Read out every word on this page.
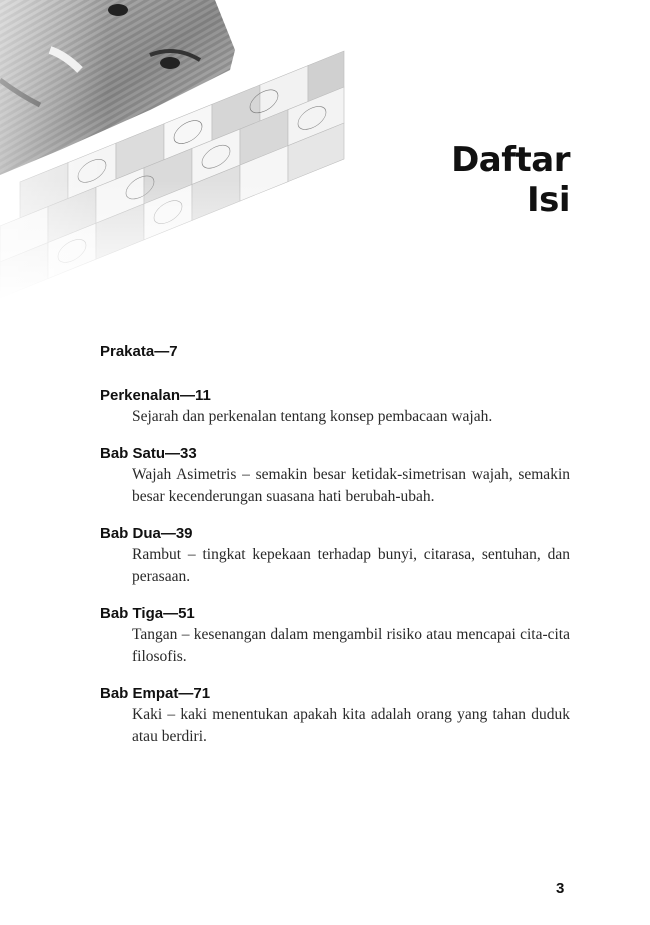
Daftar Isi
Prakata—7
Perkenalan—11
Sejarah dan perkenalan tentang konsep pembacaan wajah.
Bab Satu—33
Wajah Asimetris – semakin besar ketidak-simetrisan wajah, semakin besar kecenderungan suasana hati berubah-ubah.
Bab Dua—39
Rambut – tingkat kepekaan terhadap bunyi, citarasa, sentuhan, dan perasaan.
Bab Tiga—51
Tangan – kesenangan dalam mengambil risiko atau mencapai cita-cita filosofis.
Bab Empat—71
Kaki – kaki menentukan apakah kita adalah orang yang tahan duduk atau berdiri.
3
